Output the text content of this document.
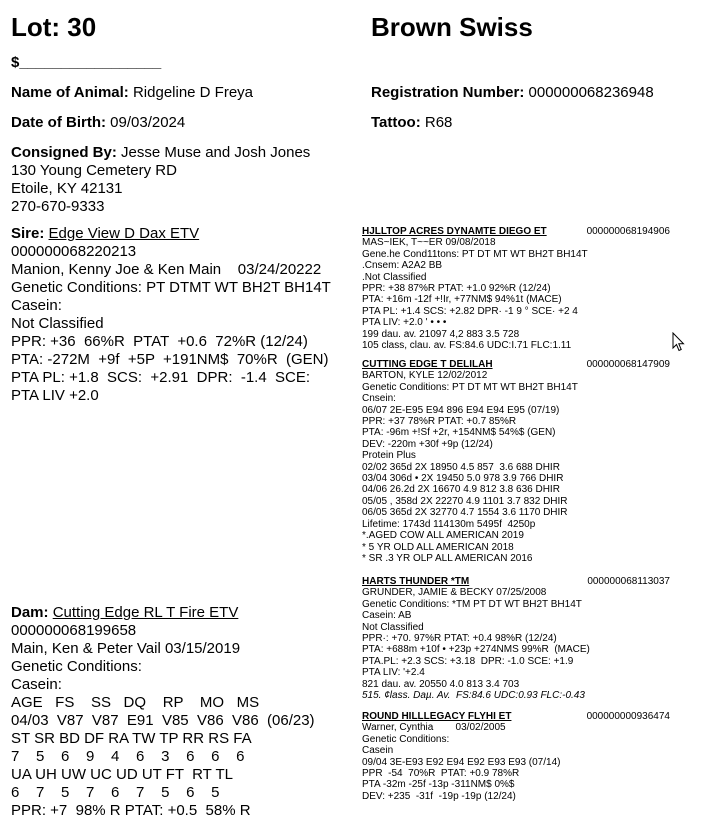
Lot: 30	Brown Swiss
$_________________
Name of Animal: Ridgeline D Freya
Date of Birth: 09/03/2024
Registration Number: 000000068236948
Tattoo: R68
Consigned By: Jesse Muse and Josh Jones
130 Young Cemetery RD
Etoile, KY 42131
270-670-9333
Sire: Edge View D Dax ETV
000000068220213
Manion, Kenny Joe & Ken Main    03/24/20222
Genetic Conditions: PT DTMT WT BH2T BH14T
Casein:
Not Classified
PPR: +36  66%R  PTAT  +0.6  72%R (12/24)
PTA: -272M  +9f  +5P  +191NM$  70%R  (GEN)
PTA PL: +1.8  SCS:  +2.91  DPR:  -1.4  SCE:
PTA LIV +2.0
Dam: Cutting Edge RL T Fire ETV
000000068199658
Main, Ken & Peter Vail 03/15/2019
Genetic Conditions:
Casein:
AGE   FS    SS   DQ    RP    MO   MS
04/03  V87  V87  E91  V85  V86  V86  (06/23)
ST SR BD DF RA TW TP RR RS FA
7    5    6    9    4    6    3    6    6    6
UA UH UW UC UD UT FT  RT TL
6    7    5    7    6    7    5    6    5
PPR: +7  98% R PTAT: +0.5  58% R
HJLLTOP ACRES DYNAMTE DIEGO ET	000000068194906
MAS~IEK, T~~ER 09/08/2018
Gene.he Cond11tons: PT DT MT WT BH2T BH14T
.Cnsem: A2A2 BB
.Not Classified
PPR: +38 87%R PTAT: +1.0 92%R (12/24)
PTA: +16m -12f +!Ir, +77NM$ 94%1t (MACE)
PTA PL: +1.4 SCS: +2.82 DPR· -1 9 ° SCE· +2 4
PTA LIV: +2.0 ' • • •
199 dau. av. 21097 4,2 883 3.5 728
105 class, clau. av. FS:84.6 UDC:I.71 FLC:1.11
CUTTING EDGE T DELILAH	000000068147909
BARTON, KYLE 12/02/2012
Genetic Conditions: PT DT MT WT BH2T BH14T
Cnsein:
06/07 2E-E95 E94 896 E94 E94 E95 (07/19)
PPR: +37 78%R PTAT: +0.7 85%R
PTA: -96m +!Sf +2r, +154NM$ 54%$ (GEN)
DEV: -220m +30f +9p (12/24)
Protein Plus
02/02 365d 2X 18950 4.5 857  3.6 688 DHIR
03/04 306d • 2X 19450 5.0 978 3.9 766 DHIR
04/06 26.2d 2X 16670 4.9 812 3.8 636 DHIR
05/05 , 358d 2X 22270 4.9 1101 3.7 832 DHIR
06/05 365d 2X 32770 4.7 1554 3.6 1170 DHIR
Lifetime: 1743d 114130m 5495f  4250p
*.AGED COW ALL AMERICAN 2019
* 5 YR OLD ALL AMERICAN 2018
* SR .3 YR OLP ALL AMERICAN 2016
HARTS THUNDER *TM	000000068113037
GRUNDER, JAMIE & BECKY 07/25/2008
Genetic Conditions: *TM PT DT WT BH2T BH14T
Casein: AB
Not Classified
PPR·: +70. 97%R PTAT: +0.4 98%R (12/24)
PTA: +688m +10f • +23p +274NMS 99%R  (MACE)
PTA.PL: +2.3 SCS: +3.18  DPR: -1.0 SCE: +1.9
PTA LIV: '+2.4
821 dau. av. 20550 4.0 813 3.4 703
515. ¢lass. Daµ. Av.  FS:84.6 UDC:0.93 FLC:-0.43
ROUND HILLLEGACY FLYHI ET	000000000936474
Warner, Cynthia        03/02/2005
Genetic Conditions:
Casein
09/04 3E-E93 E92 E94 E92 E93 E93 (07/14)
PPR  -54  70%R  PTAT: +0.9 78%R
PTA -32m -25f -13p -311NM$ 0%$
DEV: +235  -31f  -19p -19p (12/24)
